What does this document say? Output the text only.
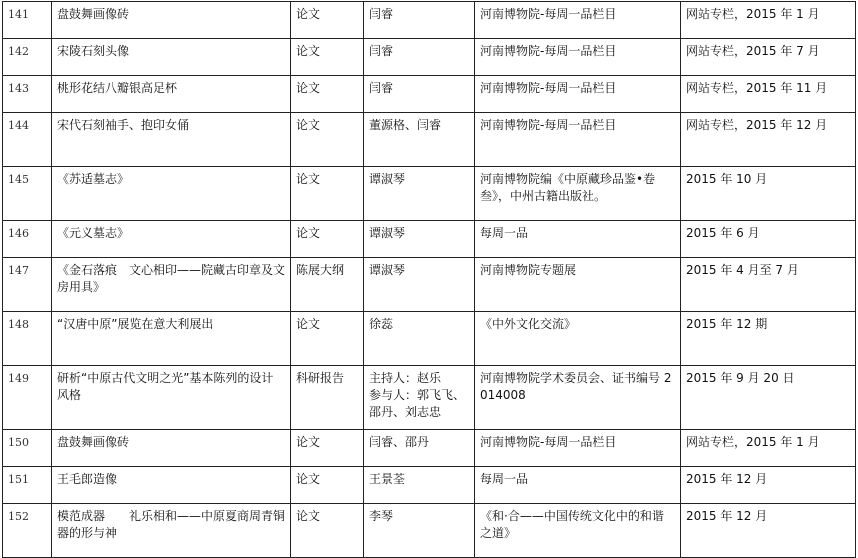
141	盘鼓舞画像砖	论文	闫睿	河南博物院-每周一品栏目	网站专栏，2015 年 1 月
142	宋陵石刻头像	论文	闫睿	河南博物院-每周一品栏目	网站专栏，2015 年 7 月
143	桃形花结八瓣银高足杯	论文	闫睿	河南博物院-每周一品栏目	网站专栏，2015 年 11 月
144	宋代石刻袖手、抱印女俑	论文	董源格、闫睿	河南博物院-每周一品栏目	网站专栏，2015 年 12 月
145	《苏适墓志》	论文	谭淑琴	河南博物院编《中原藏珍品鉴•卷叁》，中州古籍出版社。	2015 年 10 月
146	《元义墓志》	论文	谭淑琴	每周一品	2015 年 6 月
147	《金石落痕　文心相印——院藏古印章及文房用具》	陈展大纲	谭淑琴	河南博物院专题展	2015 年 4 月至 7 月
148	“汉唐中原”展览在意大利展出	论文	徐蕊	《中外文化交流》	2015 年 12 期
149	研析“中原古代文明之光”基本陈列的设计风格	科研报告	主持人：赵乐
参与人：郭飞飞、邵丹、刘志忠	河南博物院学术委员会、证书编号 2014008	2015 年 9 月 20 日
150	盘鼓舞画像砖	论文	闫睿、邵丹	河南博物院-每周一品栏目	网站专栏，2015 年 1 月
151	王毛郎造像	论文	王景荃	每周一品	2015 年 12 月
152	模范成器　　礼乐相和——中原夏商周青铜器的形与神	论文	李琴	《和·合——中国传统文化中的和谐之道》	2015 年 12 月
